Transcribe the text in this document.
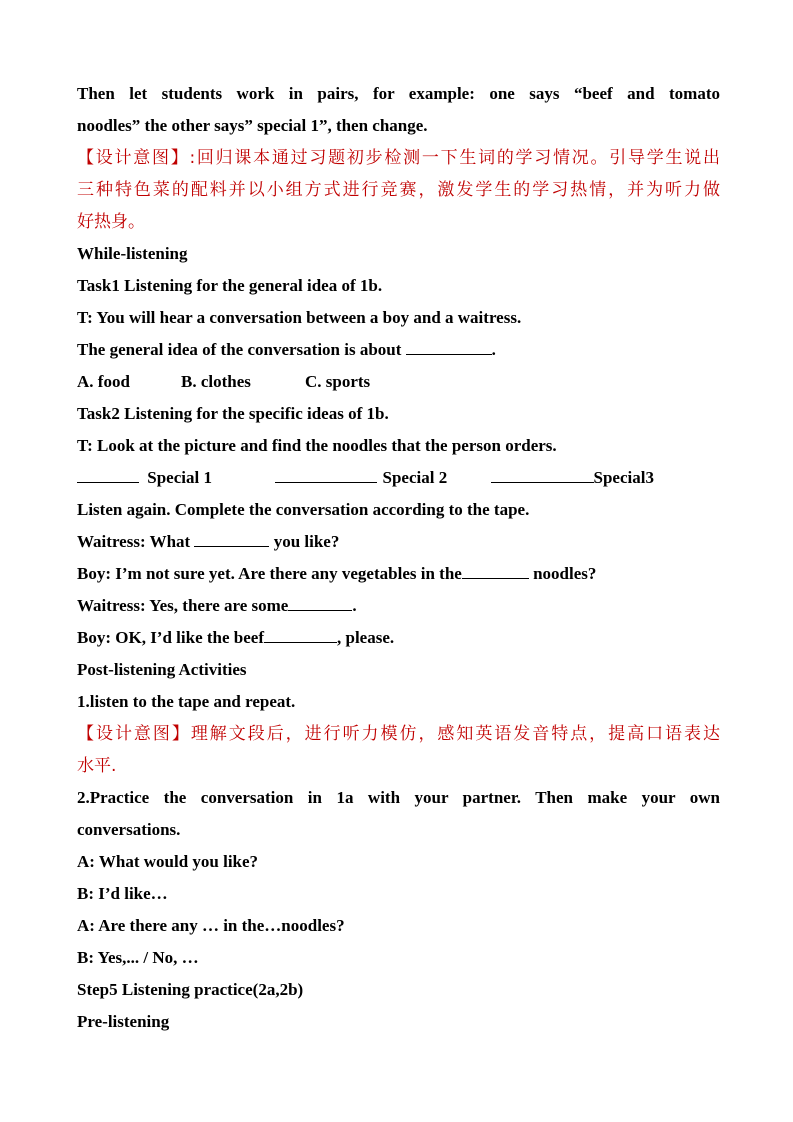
Then let students work in pairs, for example: one says “beef and tomato
noodles” the other says” special 1”, then change.
【设计意图】:回归课本通过习题初步检测一下生词的学习情况。引导学生说出
三种特色菜的配料并以小组方式进行竞赛，激发学生的学习热情，并为听力做
好热身。
While-listening
Task1 Listening for the general idea of 1b.
T: You will hear a conversation between a boy and a waitress.
The general idea of the conversation is about	.
A. food	B. clothes	C. sports
Task2 Listening for the specific ideas of 1b.
T: Look at the picture and find the noodles that the person orders.
Special 1	Special 2	Special3
Listen again. Complete the conversation according to the tape.
Waitress: What	you like?
Boy: I’m not sure yet. Are there any vegetables in the	noodles?
Waitress: Yes, there are some	.
Boy: OK, I’d like the beef	, please.
Post-listening Activities
1.listen to the tape and repeat.
【设计意图】理解文段后，进行听力模仿，感知英语发音特点，提高口语表达
水平.
2.Practice the conversation in 1a with your partner. Then make your own
conversations.
A: What would you like?
B: I’d like…
A: Are there any … in the…noodles?
B: Yes,... / No, …
Step5 Listening practice(2a,2b)
Pre-listening
